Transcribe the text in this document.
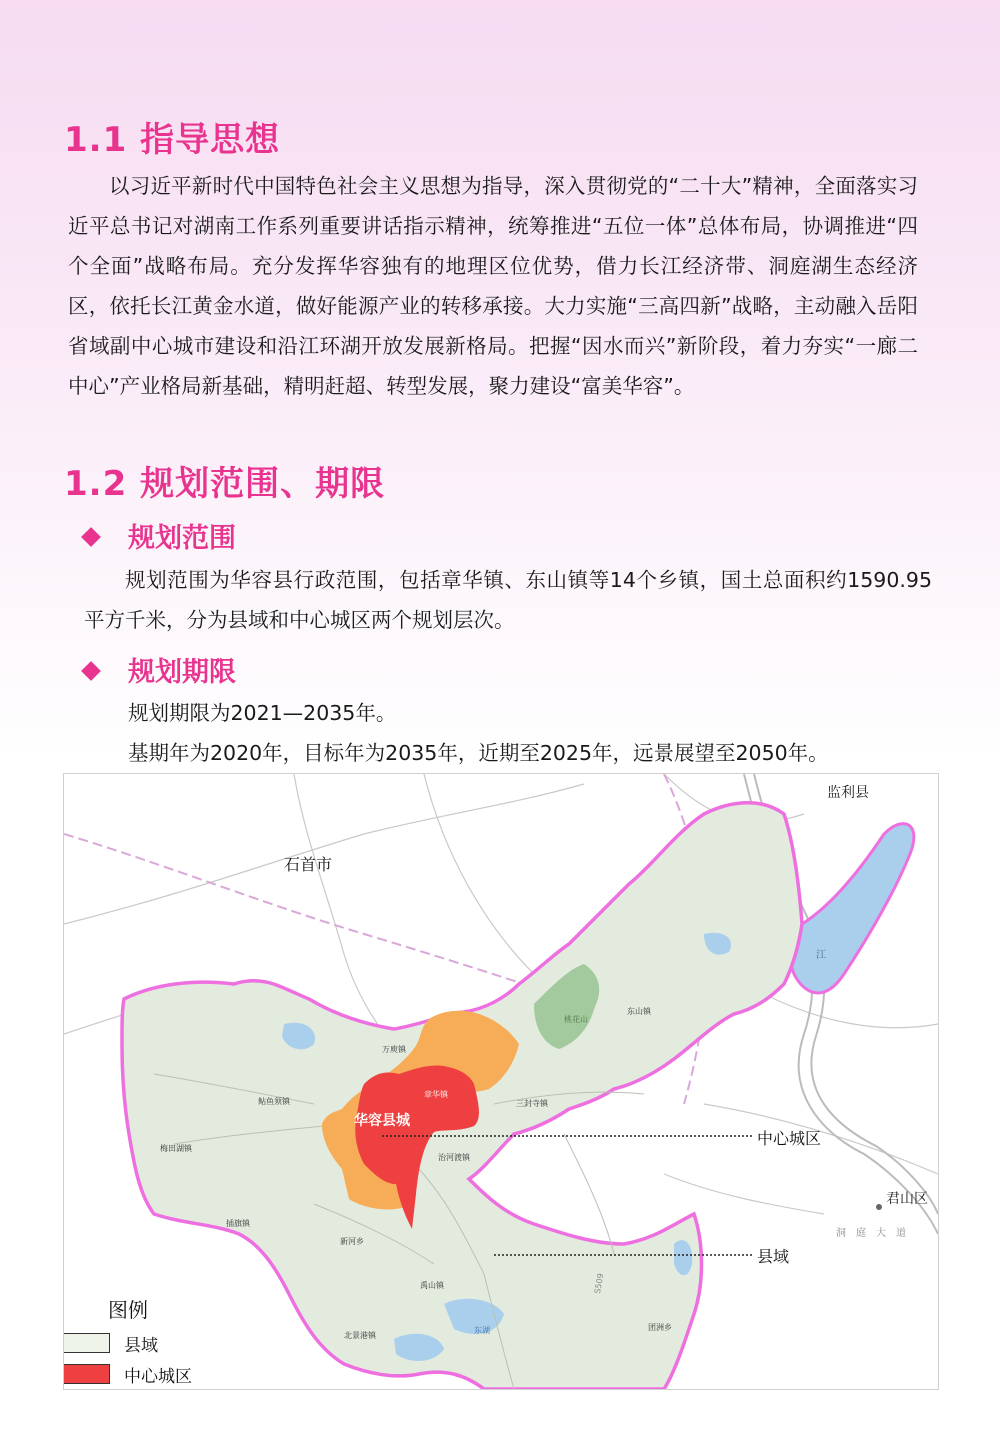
1.1 指导思想

以习近平新时代中国特色社会主义思想为指导，深入贯彻党的“二十大”精神，全面落实习近平总书记对湖南工作系列重要讲话指示精神，统筹推进“五位一体”总体布局，协调推进“四个全面”战略布局。充分发挥华容独有的地理区位优势，借力长江经济带、洞庭湖生态经济区，依托长江黄金水道，做好能源产业的转移承接。大力实施“三高四新”战略，主动融入岳阳省域副中心城市建设和沿江环湖开放发展新格局。把握“因水而兴”新阶段，着力夯实“一廊二中心”产业格局新基础，精明赶超、转型发展，聚力建设“富美华容”。

1.2 规划范围、期限
规划范围

规划范围为华容县行政范围，包括章华镇、东山镇等14个乡镇，国土总面积约1590.95平方千米，分为县域和中心城区两个规划层次。

规划期限

规划期限为2021—2035年。

基期年为2020年，目标年为2035年，近期至2025年，远景展望至2050年。

石首市
监利县
君山区
华容县城
中心城区
县域
桃花山
东山镇
万庾镇
章华镇
三封寺镇
鲇鱼须镇
梅田湖镇
治河渡镇
插旗镇
新河乡
禹山镇
北景港镇
东湖	团洲乡
S509
洞　庭　大　道
江
图例
县域
中心城区
